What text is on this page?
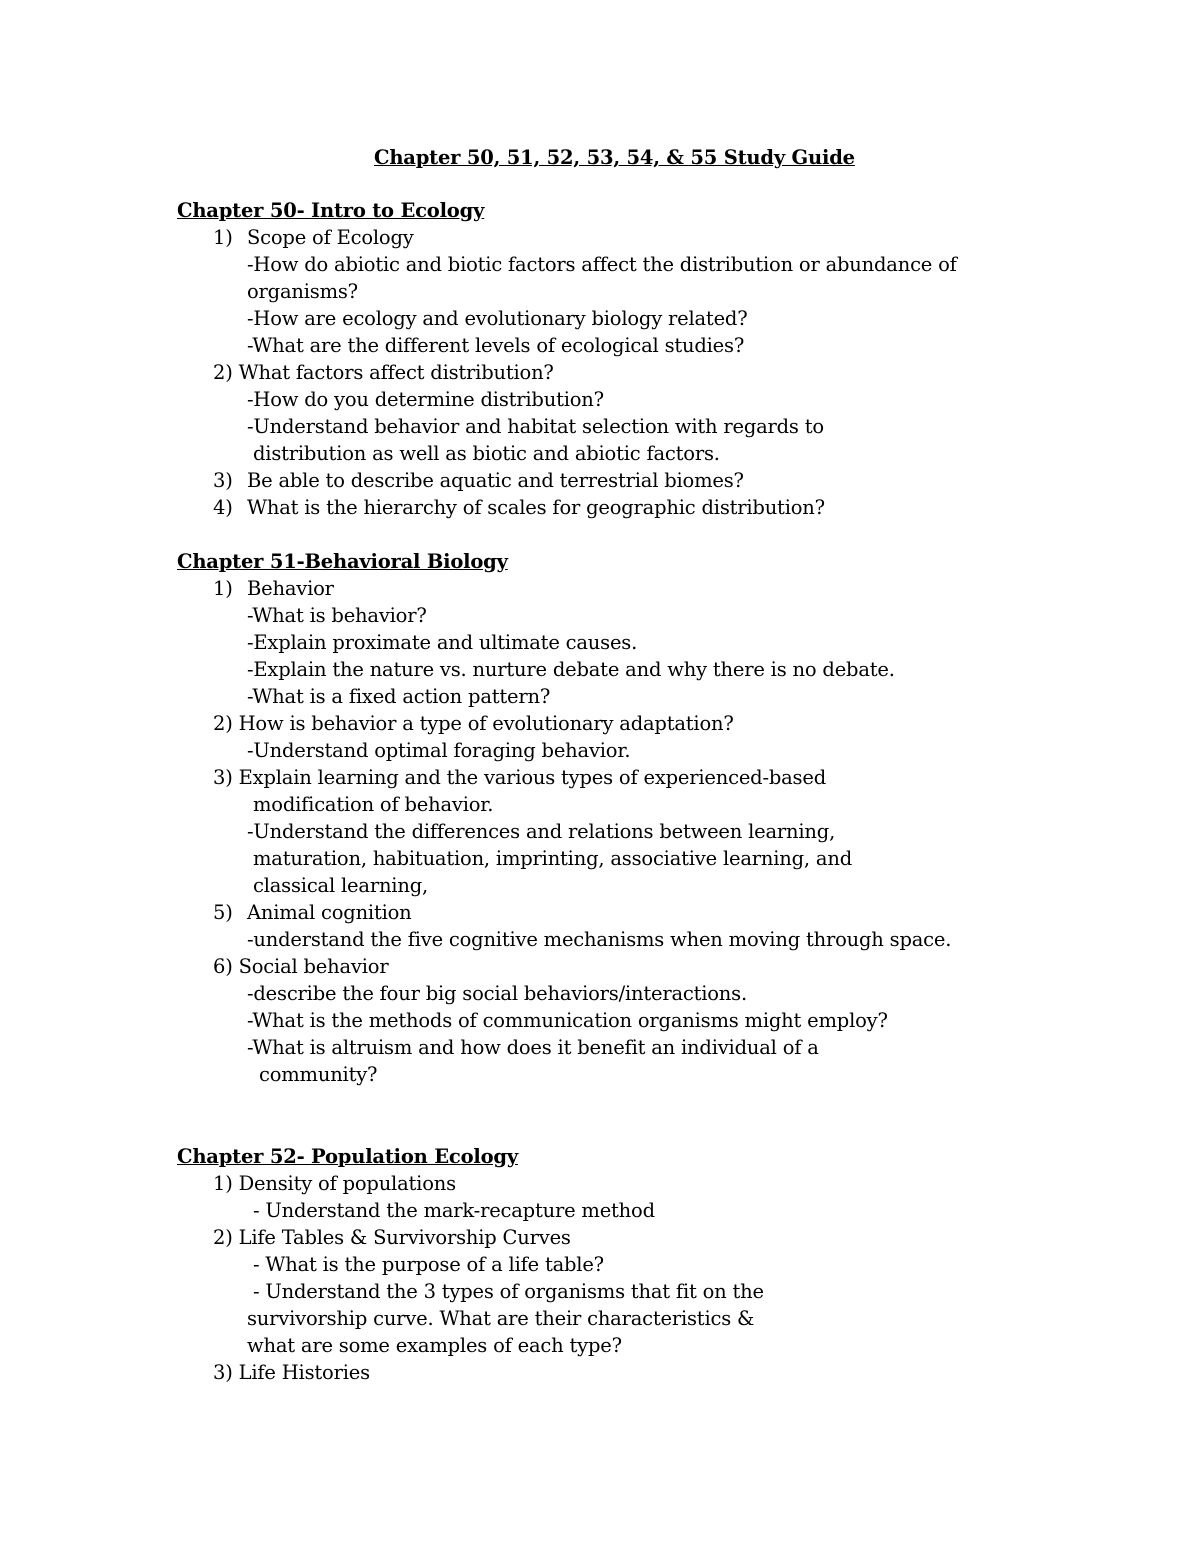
Chapter 50, 51, 52, 53, 54, & 55 Study Guide
Chapter 50- Intro to Ecology
1) Scope of Ecology
-How do abiotic and biotic factors affect the distribution or abundance of
organisms?
-How are ecology and evolutionary biology related?
-What are the different levels of ecological studies?
2) What factors affect distribution?
-How do you determine distribution?
-Understand behavior and habitat selection with regards to
distribution as well as biotic and abiotic factors.
3) Be able to describe aquatic and terrestrial biomes?
4) What is the hierarchy of scales for geographic distribution?
Chapter 51-Behavioral Biology
1) Behavior
-What is behavior?
-Explain proximate and ultimate causes.
-Explain the nature vs. nurture debate and why there is no debate.
-What is a fixed action pattern?
2) How is behavior a type of evolutionary adaptation?
-Understand optimal foraging behavior.
3) Explain learning and the various types of experienced-based
modification of behavior.
-Understand the differences and relations between learning,
maturation, habituation, imprinting, associative learning, and
classical learning,
5) Animal cognition
-understand the five cognitive mechanisms when moving through space.
6) Social behavior
-describe the four big social behaviors/interactions.
-What is the methods of communication organisms might employ?
-What is altruism and how does it benefit an individual of a
community?
Chapter 52- Population Ecology
1) Density of populations
- Understand the mark-recapture method
2) Life Tables & Survivorship Curves
- What is the purpose of a life table?
- Understand the 3 types of organisms that fit on the
survivorship curve. What are their characteristics &
what are some examples of each type?
3) Life Histories
